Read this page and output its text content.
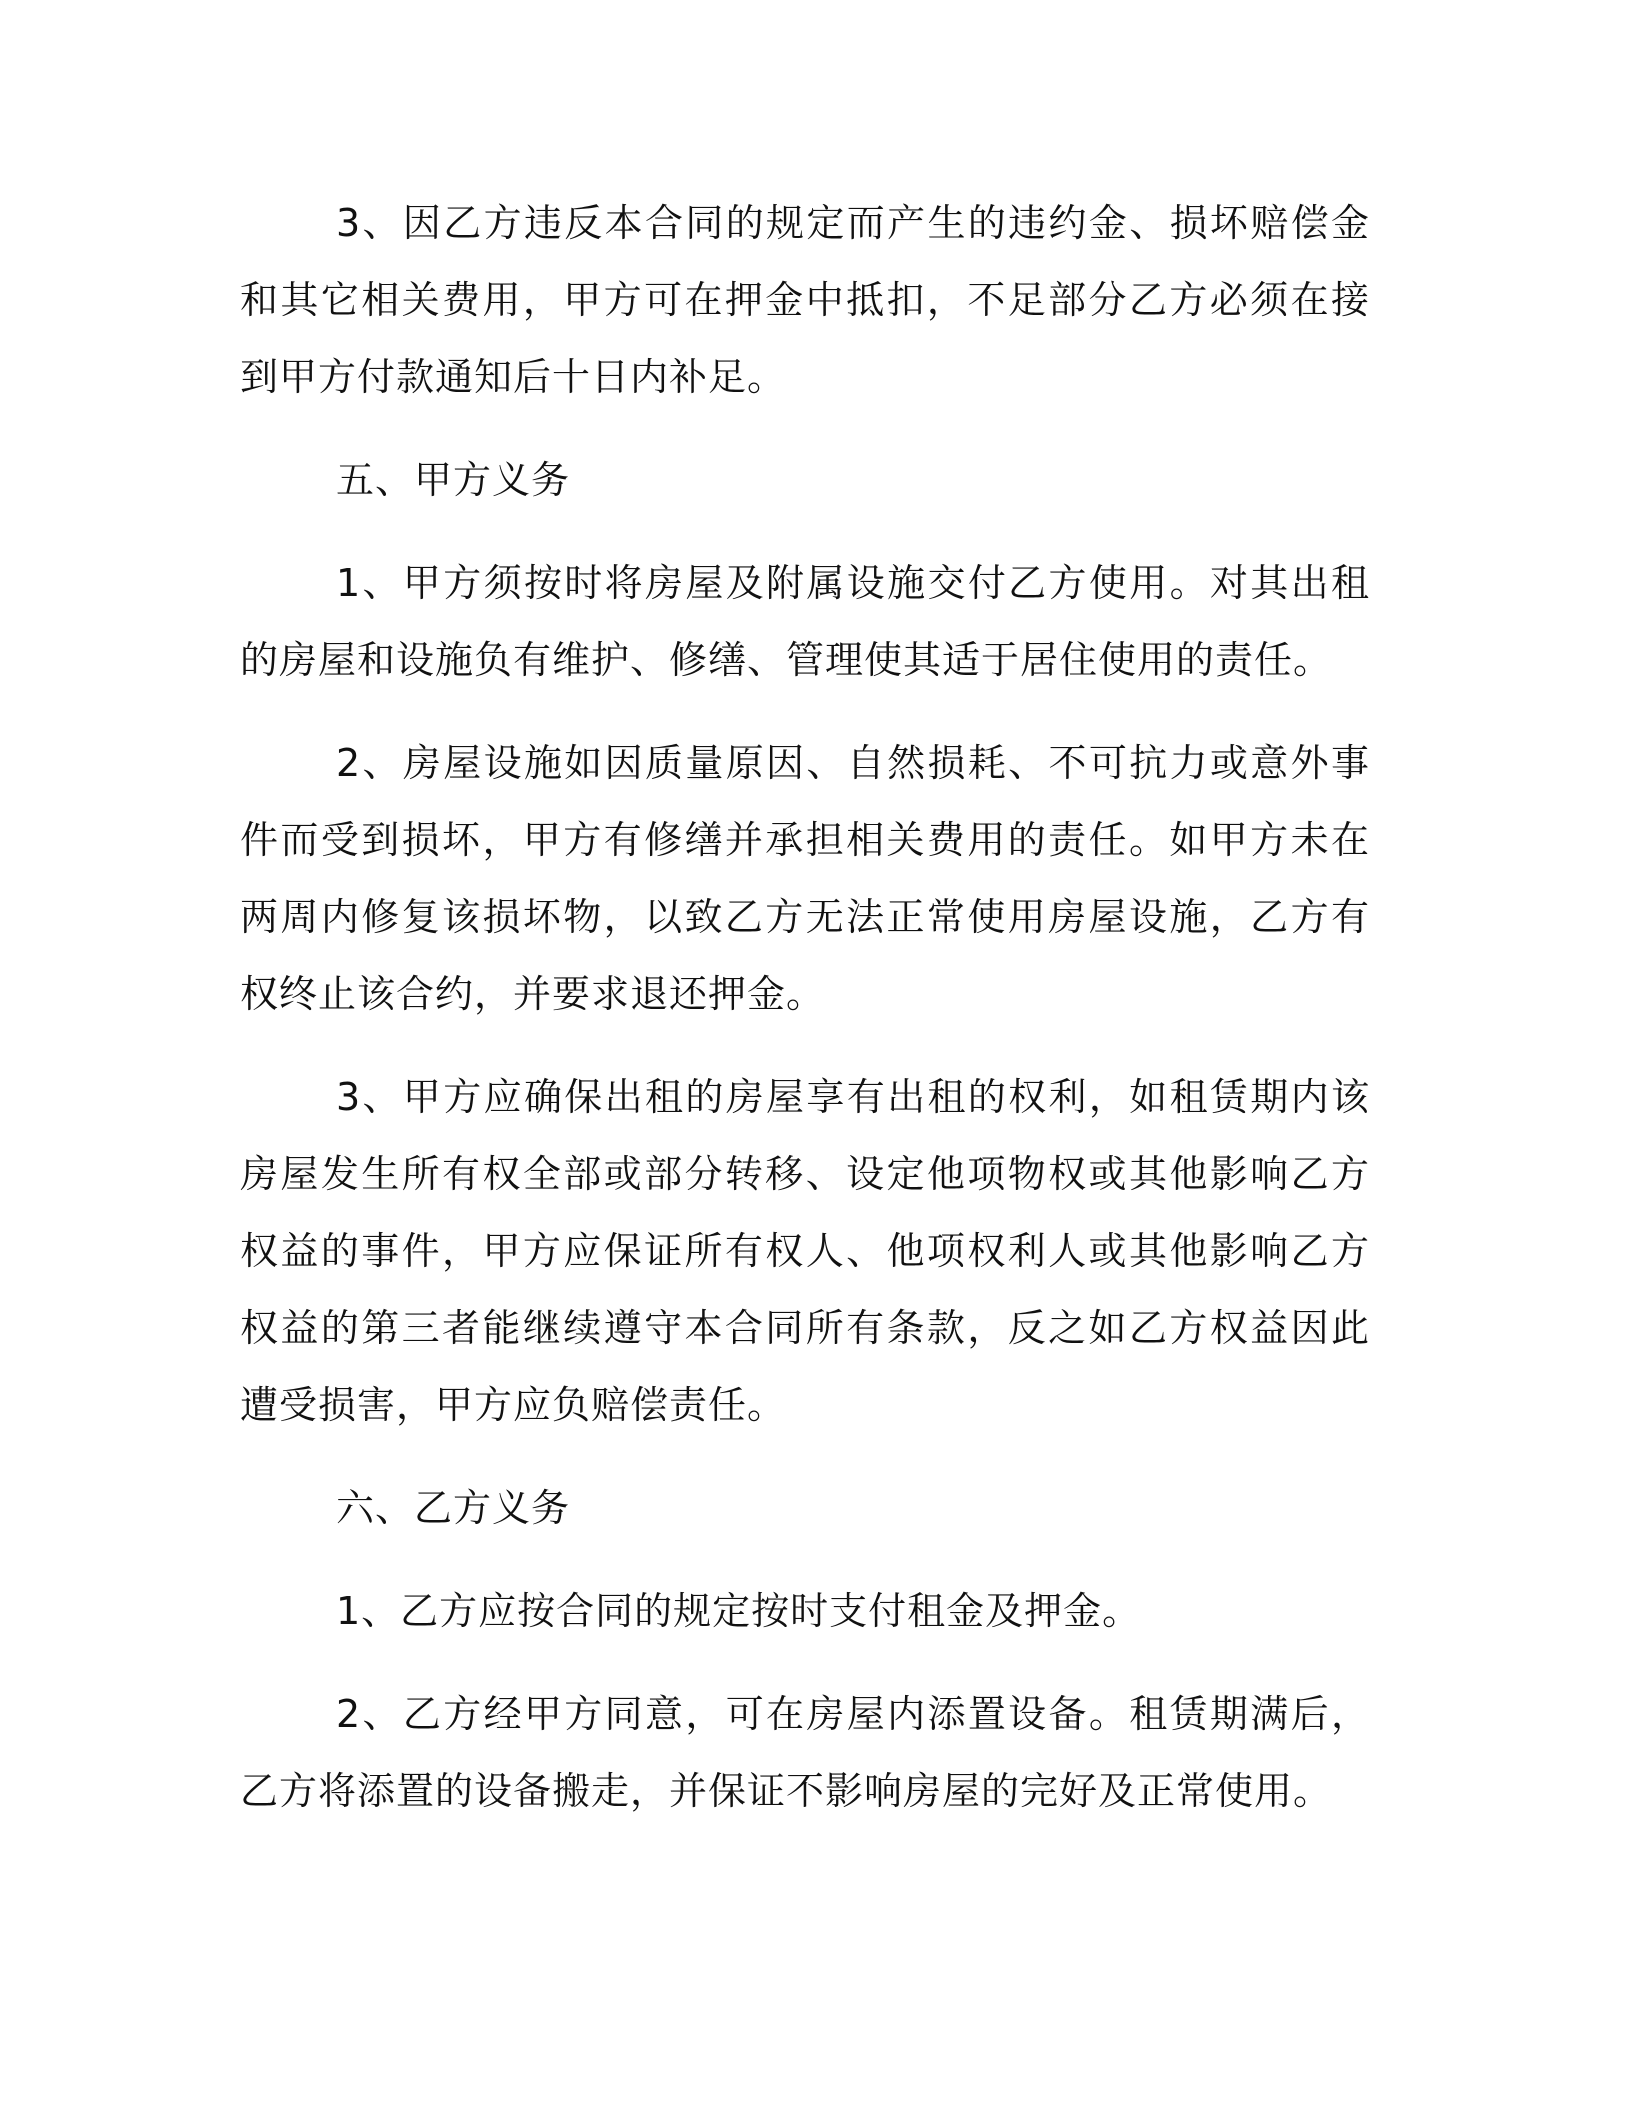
3、因乙方违反本合同的规定而产生的违约金、损坏赔偿金和其它相关费用，甲方可在押金中抵扣，不足部分乙方必须在接到甲方付款通知后十日内补足。

五、甲方义务

1、甲方须按时将房屋及附属设施交付乙方使用。对其出租的房屋和设施负有维护、修缮、管理使其适于居住使用的责任。

2、房屋设施如因质量原因、自然损耗、不可抗力或意外事件而受到损坏，甲方有修缮并承担相关费用的责任。如甲方未在两周内修复该损坏物，以致乙方无法正常使用房屋设施，乙方有权终止该合约，并要求退还押金。

3、甲方应确保出租的房屋享有出租的权利，如租赁期内该房屋发生所有权全部或部分转移、设定他项物权或其他影响乙方权益的事件，甲方应保证所有权人、他项权利人或其他影响乙方权益的第三者能继续遵守本合同所有条款，反之如乙方权益因此遭受损害，甲方应负赔偿责任。

六、乙方义务

1、乙方应按合同的规定按时支付租金及押金。

2、乙方经甲方同意，可在房屋内添置设备。租赁期满后，乙方将添置的设备搬走，并保证不影响房屋的完好及正常使用。
